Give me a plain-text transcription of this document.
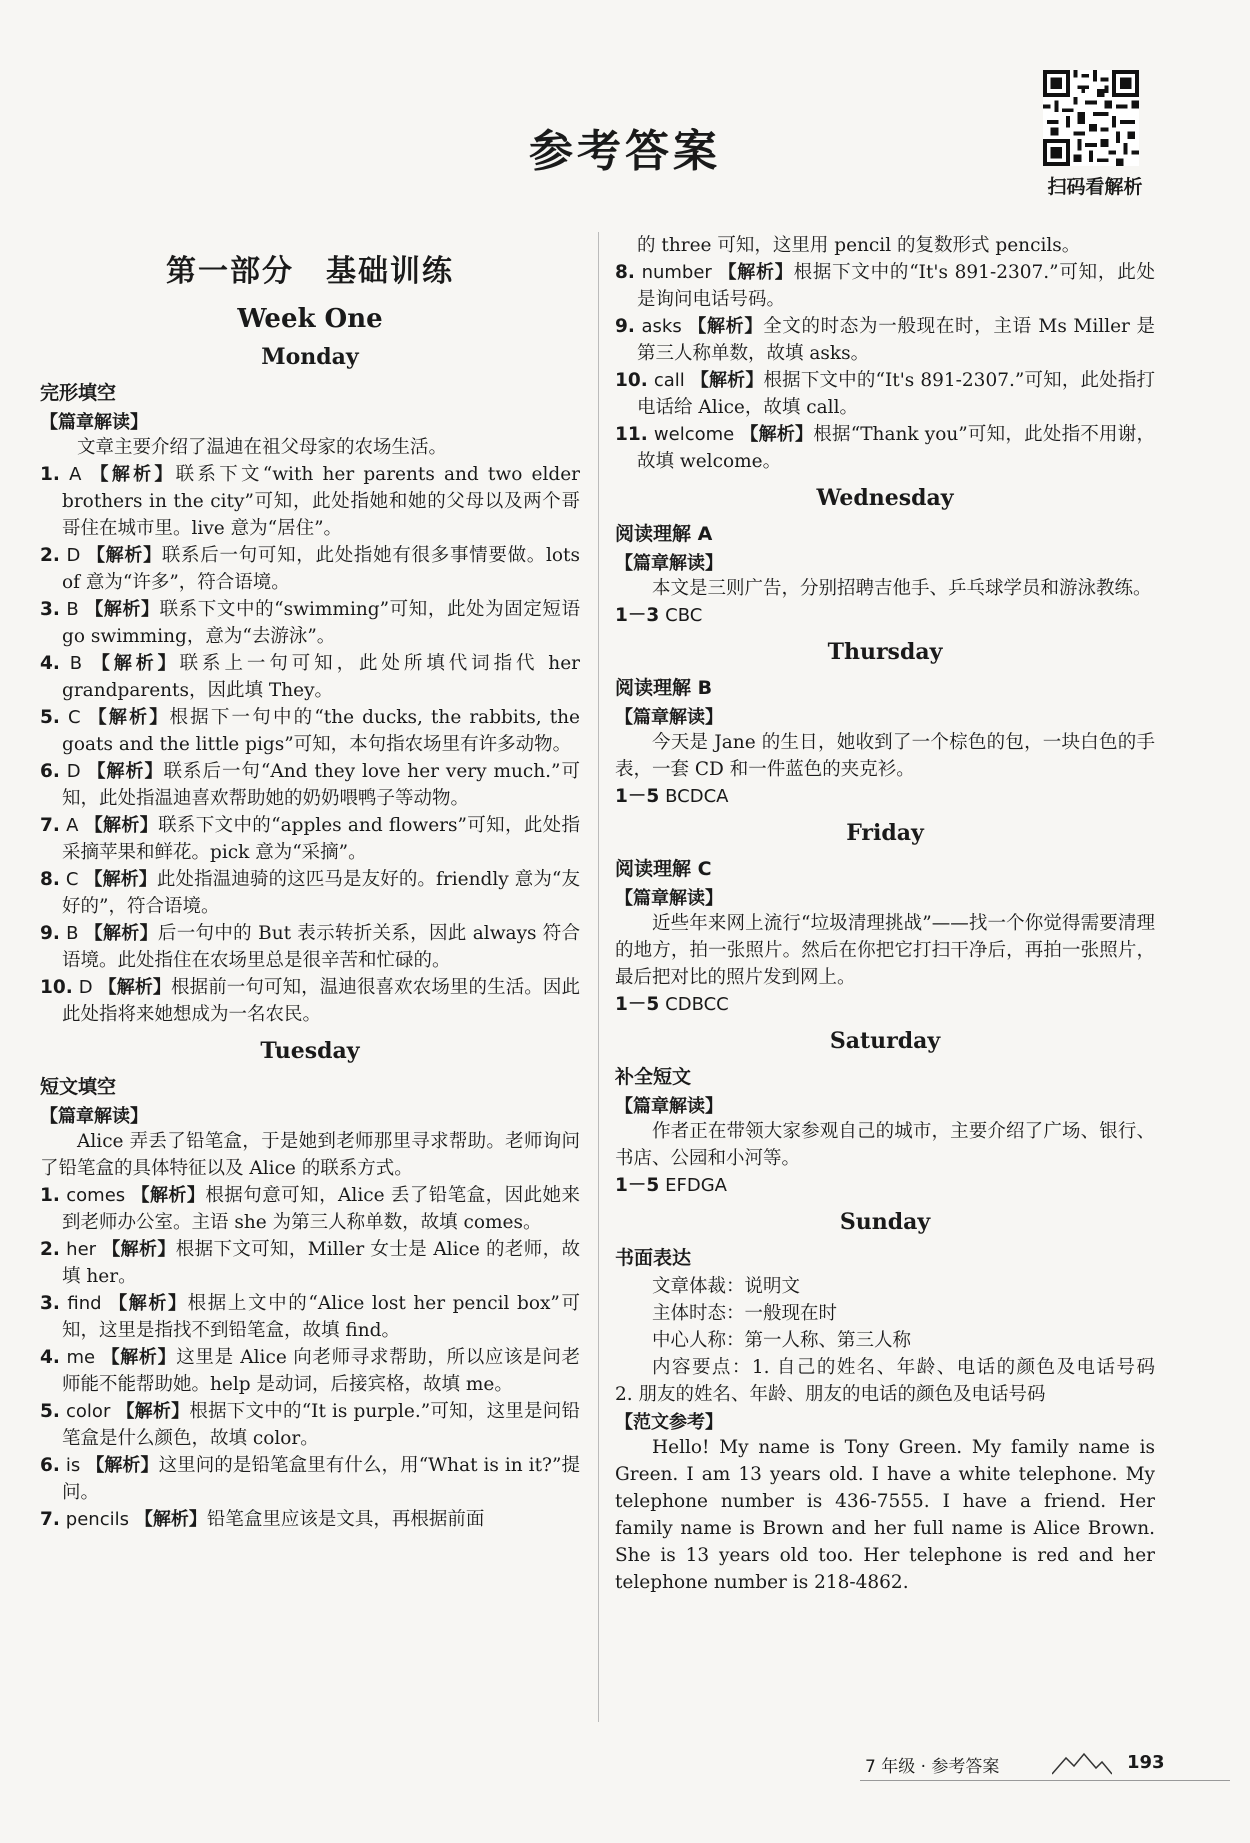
参考答案
扫码看解析
第一部分　基础训练
Week One
Monday
完形填空
【篇章解读】

文章主要介绍了温迪在祖父母家的农场生活。

1. A 【解析】联系下文“with her parents and two elder brothers in the city”可知，此处指她和她的父母以及两个哥哥住在城市里。live 意为“居住”。

2. D 【解析】联系后一句可知，此处指她有很多事情要做。lots of 意为“许多”，符合语境。

3. B 【解析】联系下文中的“swimming”可知，此处为固定短语 go swimming，意为“去游泳”。

4. B 【解析】联系上一句可知，此处所填代词指代 her grandparents，因此填 They。

5. C 【解析】根据下一句中的“the ducks, the rabbits, the goats and the little pigs”可知，本句指农场里有许多动物。

6. D 【解析】联系后一句“And they love her very much.”可知，此处指温迪喜欢帮助她的奶奶喂鸭子等动物。

7. A 【解析】联系下文中的“apples and flowers”可知，此处指采摘苹果和鲜花。pick 意为“采摘”。

8. C 【解析】此处指温迪骑的这匹马是友好的。friendly 意为“友好的”，符合语境。

9. B 【解析】后一句中的 But 表示转折关系，因此 always 符合语境。此处指住在农场里总是很辛苦和忙碌的。

10. D 【解析】根据前一句可知，温迪很喜欢农场里的生活。因此此处指将来她想成为一名农民。

Tuesday
短文填空
【篇章解读】

Alice 弄丢了铅笔盒，于是她到老师那里寻求帮助。老师询问了铅笔盒的具体特征以及 Alice 的联系方式。

1. comes 【解析】根据句意可知，Alice 丢了铅笔盒，因此她来到老师办公室。主语 she 为第三人称单数，故填 comes。

2. her 【解析】根据下文可知，Miller 女士是 Alice 的老师，故填 her。

3. find 【解析】根据上文中的“Alice lost her pencil box”可知，这里是指找不到铅笔盒，故填 find。

4. me 【解析】这里是 Alice 向老师寻求帮助，所以应该是问老师能不能帮助她。help 是动词，后接宾格，故填 me。

5. color 【解析】根据下文中的“It is purple.”可知，这里是问铅笔盒是什么颜色，故填 color。

6. is 【解析】这里问的是铅笔盒里有什么，用“What is in it?”提问。

7. pencils 【解析】铅笔盒里应该是文具，再根据前面

的 three 可知，这里用 pencil 的复数形式 pencils。

8. number 【解析】根据下文中的“It's 891-2307.”可知，此处是询问电话号码。

9. asks 【解析】全文的时态为一般现在时，主语 Ms Miller 是第三人称单数，故填 asks。

10. call 【解析】根据下文中的“It's 891-2307.”可知，此处指打电话给 Alice，故填 call。

11. welcome 【解析】根据“Thank you”可知，此处指不用谢，故填 welcome。

Wednesday
阅读理解 A
【篇章解读】

本文是三则广告，分别招聘吉他手、乒乓球学员和游泳教练。

1－3 CBC

Thursday
阅读理解 B
【篇章解读】

今天是 Jane 的生日，她收到了一个棕色的包，一块白色的手表，一套 CD 和一件蓝色的夹克衫。

1－5 BCDCA

Friday
阅读理解 C
【篇章解读】

近些年来网上流行“垃圾清理挑战”——找一个你觉得需要清理的地方，拍一张照片。然后在你把它打扫干净后，再拍一张照片，最后把对比的照片发到网上。

1－5 CDBCC

Saturday
补全短文
【篇章解读】

作者正在带领大家参观自己的城市，主要介绍了广场、银行、书店、公园和小河等。

1－5 EFDGA

Sunday
书面表达

文章体裁：说明文

主体时态：一般现在时

中心人称：第一人称、第三人称

内容要点：1. 自己的姓名、年龄、电话的颜色及电话号码　2. 朋友的姓名、年龄、朋友的电话的颜色及电话号码

【范文参考】

Hello! My name is Tony Green. My family name is Green. I am 13 years old. I have a white telephone. My telephone number is 436-7555. I have a friend. Her family name is Brown and her full name is Alice Brown. She is 13 years old too. Her telephone is red and her telephone number is 218-4862.

7 年级 · 参考答案	193
